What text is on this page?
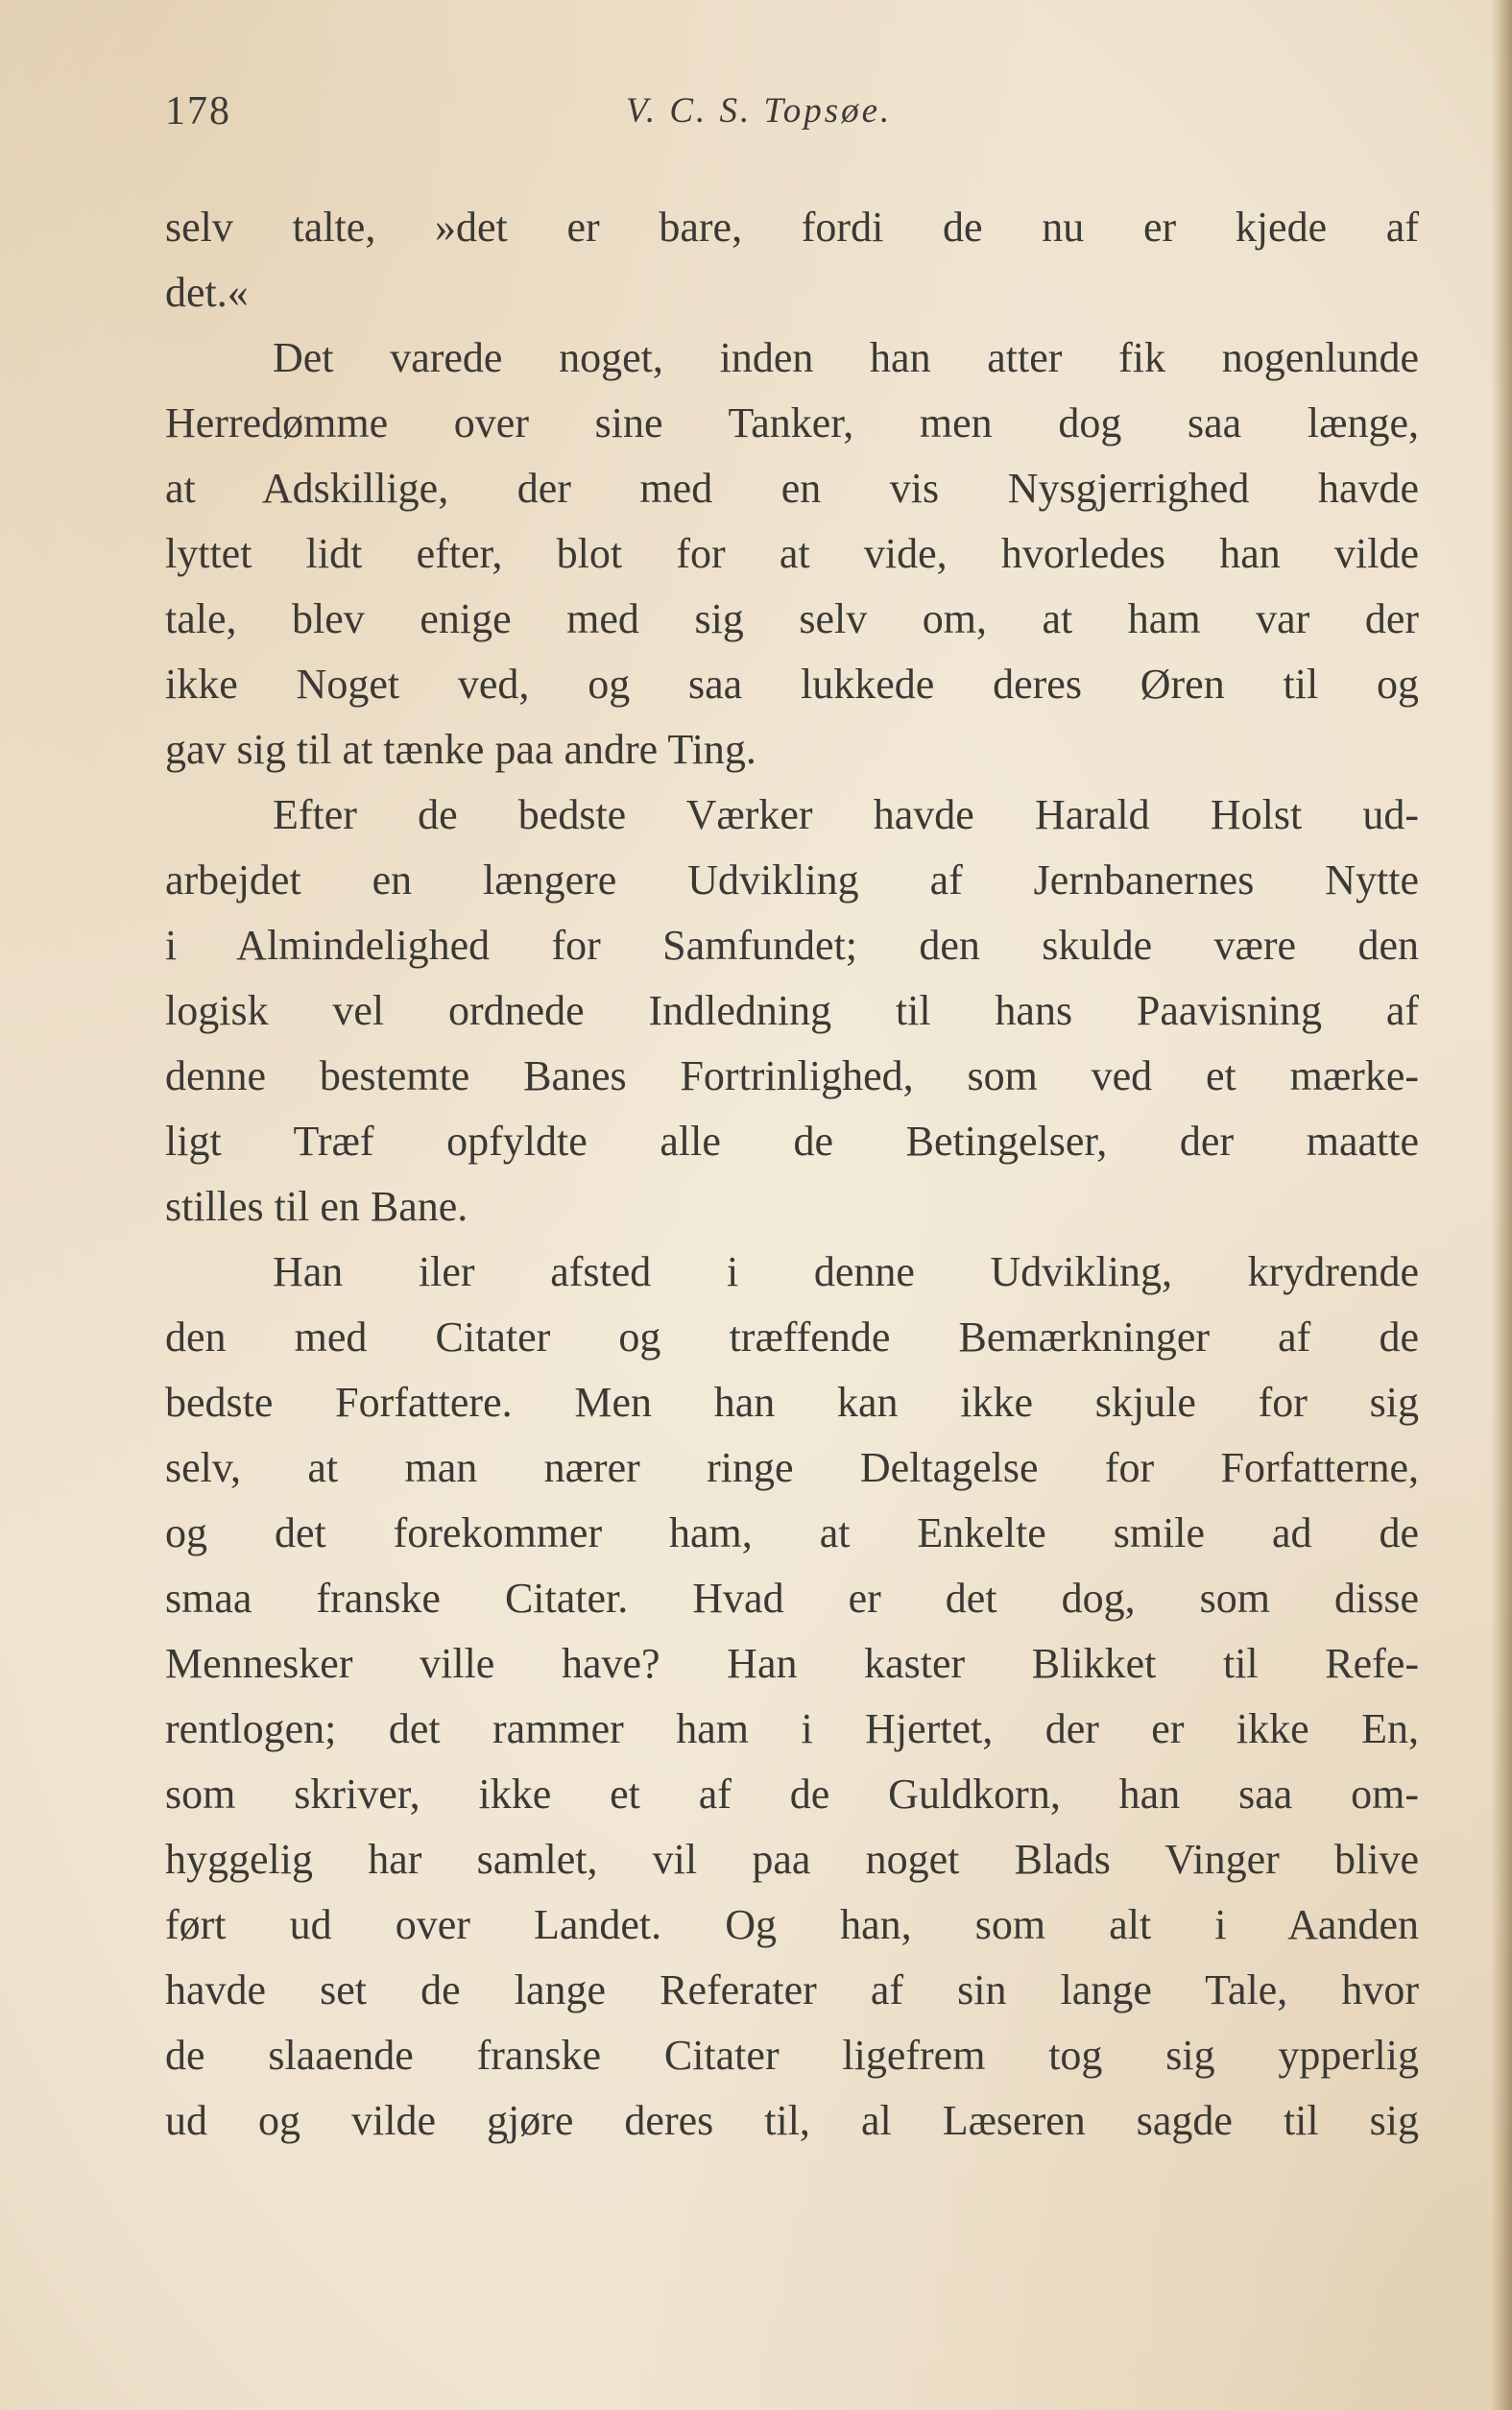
178	V. C. S. Topsøe.
selv talte, »det er bare, fordi de nu er kjede af
det.«
Det varede noget, inden han atter fik nogenlunde
Herredømme over sine Tanker, men dog saa længe,
at Adskillige, der med en vis Nysgjerrighed havde
lyttet lidt efter, blot for at vide, hvorledes han vilde
tale, blev enige med sig selv om, at ham var der
ikke Noget ved, og saa lukkede deres Øren til og
gav sig til at tænke paa andre Ting.
Efter de bedste Værker havde Harald Holst ud-
arbejdet en længere Udvikling af Jernbanernes Nytte
i Almindelighed for Samfundet; den skulde være den
logisk vel ordnede Indledning til hans Paavisning af
denne bestemte Banes Fortrinlighed, som ved et mærke-
ligt Træf opfyldte alle de Betingelser, der maatte
stilles til en Bane.
Han iler afsted i denne Udvikling, krydrende
den med Citater og træffende Bemærkninger af de
bedste Forfattere. Men han kan ikke skjule for sig
selv, at man nærer ringe Deltagelse for Forfatterne,
og det forekommer ham, at Enkelte smile ad de
smaa franske Citater. Hvad er det dog, som disse
Mennesker ville have? Han kaster Blikket til Refe-
rentlogen; det rammer ham i Hjertet, der er ikke En,
som skriver, ikke et af de Guldkorn, han saa om-
hyggelig har samlet, vil paa noget Blads Vinger blive
ført ud over Landet. Og han, som alt i Aanden
havde set de lange Referater af sin lange Tale, hvor
de slaaende franske Citater ligefrem tog sig ypperlig
ud og vilde gjøre deres til, al Læseren sagde til sig
